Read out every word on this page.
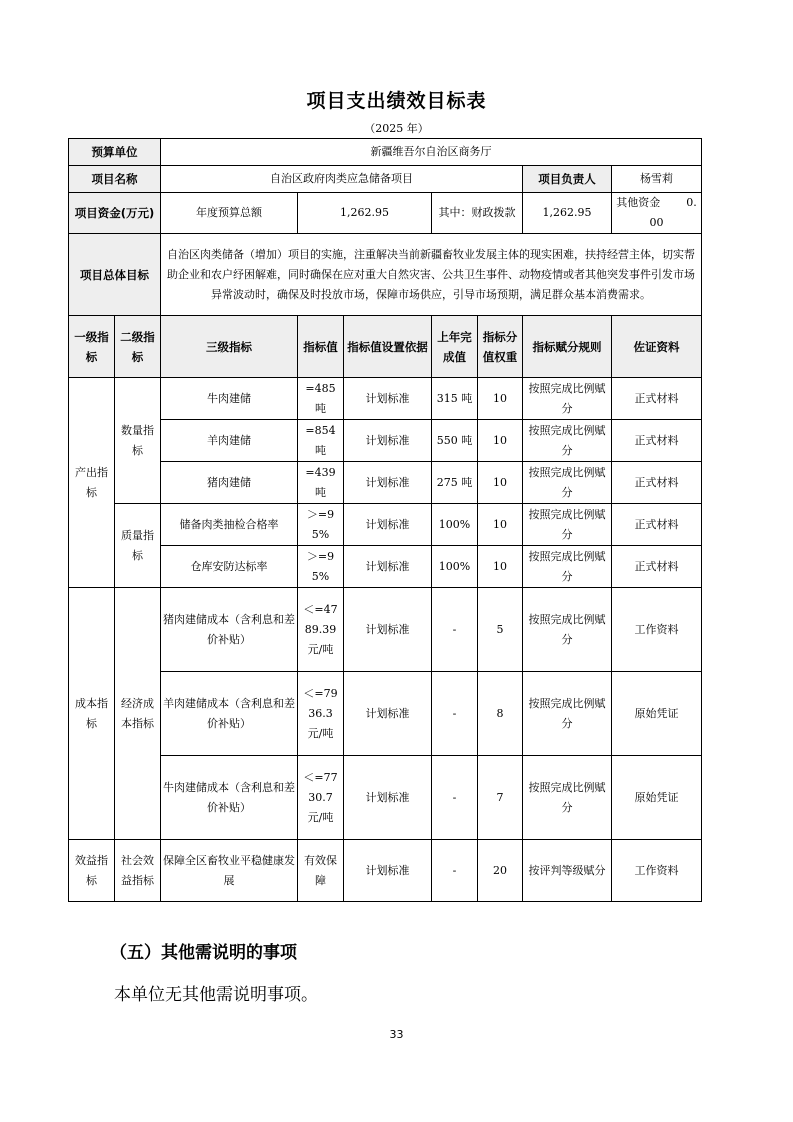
项目支出绩效目标表
（2025 年）
预算单位		新疆维吾尔自治区商务厅						
项目名称		自治区政府肉类应急储备项目					项目负责人	杨雪莉
项目资金(万元)		年度预算总额	1,262.95		其中：财政拨款		1,262.95	其他资金 0.00
项目总体目标		自治区肉类储备（增加）项目的实施，注重解决当前新疆畜牧业发展主体的现实困难，扶持经营主体，切实帮助企业和农户纾困解难，同时确保在应对重大自然灾害、公共卫生事件、动物疫情或者其他突发事件引发市场异常波动时，确保及时投放市场，保障市场供应，引导市场预期，满足群众基本消费需求。						
一级指标	二级指标	三级指标	指标值	指标值设置依据	上年完成值	指标分值权重	指标赋分规则	佐证资料
产出指标	数量指标	牛肉建储	=485吨	计划标准	315 吨	10	按照完成比例赋分	正式材料
		羊肉建储	=854吨	计划标准	550 吨	10	按照完成比例赋分	正式材料
		猪肉建储	=439吨	计划标准	275 吨	10	按照完成比例赋分	正式材料
	质量指标	储备肉类抽检合格率	＞=95%	计划标准	100%	10	按照完成比例赋分	正式材料
		仓库安防达标率	＞=95%	计划标准	100%	10	按照完成比例赋分	正式材料
成本指标	经济成本指标	猪肉建储成本（含利息和差价补贴）	＜=4789.39 元/吨	计划标准	-	5	按照完成比例赋分	工作资料
		羊肉建储成本（含利息和差价补贴）	＜=7936.3 元/吨	计划标准	-	8	按照完成比例赋分	原始凭证
		牛肉建储成本（含利息和差价补贴）	＜=7730.7 元/吨	计划标准	-	7	按照完成比例赋分	原始凭证
效益指标	社会效益指标	保障全区畜牧业平稳健康发展	有效保障	计划标准	-	20	按评判等级赋分	工作资料
（五）其他需说明的事项
本单位无其他需说明事项。
33
